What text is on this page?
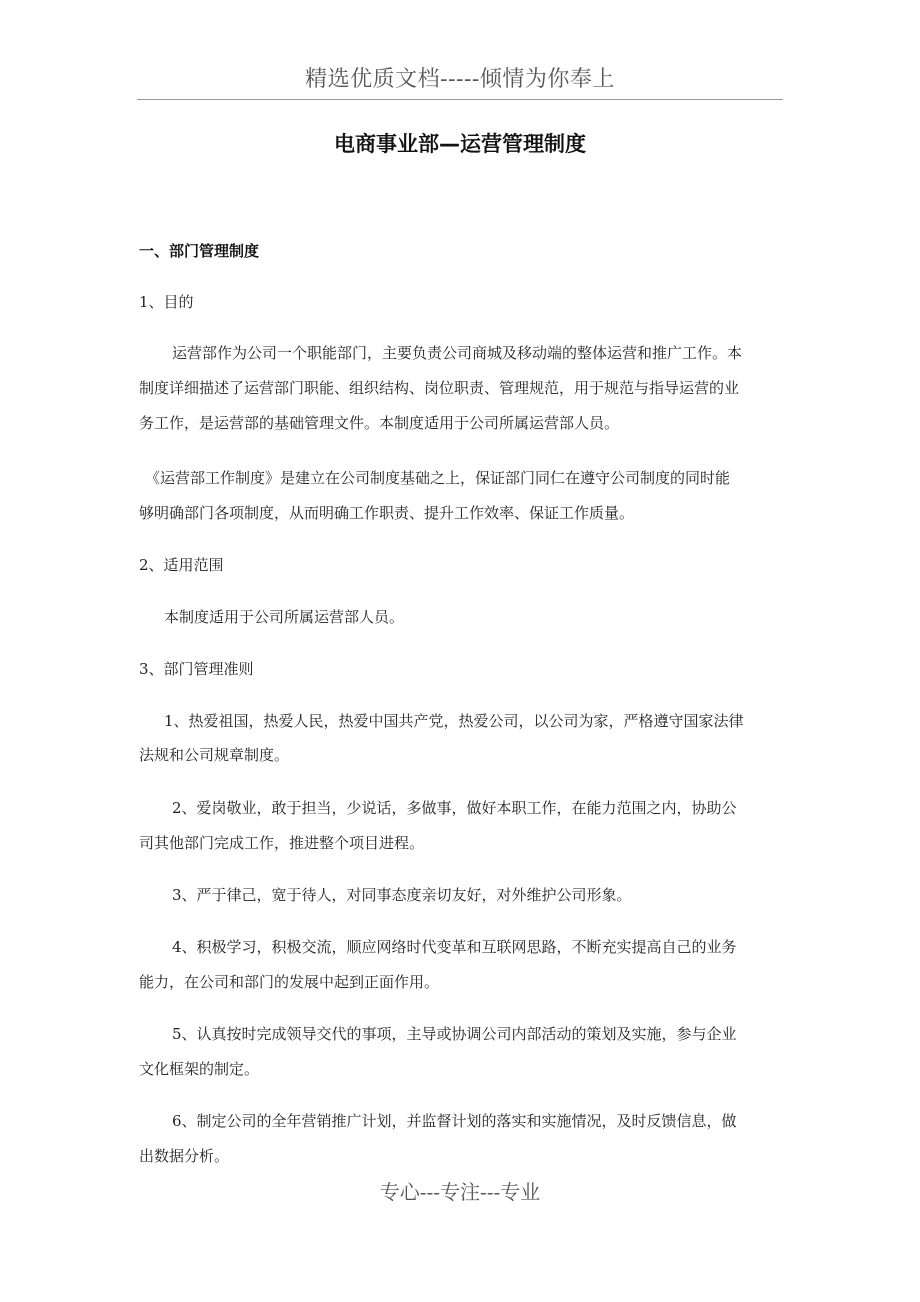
精选优质文档-----倾情为你奉上
电商事业部—运营管理制度
一、部门管理制度
1、目的
运营部作为公司一个职能部门，主要负责公司商城及移动端的整体运营和推广工作。本
制度详细描述了运营部门职能、组织结构、岗位职责、管理规范，用于规范与指导运营的业
务工作，是运营部的基础管理文件。本制度适用于公司所属运营部人员。
《运营部工作制度》是建立在公司制度基础之上，保证部门同仁在遵守公司制度的同时能
够明确部门各项制度，从而明确工作职责、提升工作效率、保证工作质量。
2、适用范围
本制度适用于公司所属运营部人员。
3、部门管理准则
1、热爱祖国，热爱人民，热爱中国共产党，热爱公司，以公司为家，严格遵守国家法律
法规和公司规章制度。
2、爱岗敬业，敢于担当，少说话，多做事，做好本职工作，在能力范围之内，协助公
司其他部门完成工作，推进整个项目进程。
3、严于律己，宽于待人，对同事态度亲切友好，对外维护公司形象。
4、积极学习，积极交流，顺应网络时代变革和互联网思路，不断充实提高自己的业务
能力，在公司和部门的发展中起到正面作用。
5、认真按时完成领导交代的事项，主导或协调公司内部活动的策划及实施，参与企业
文化框架的制定。
6、制定公司的全年营销推广计划，并监督计划的落实和实施情况，及时反馈信息，做
出数据分析。
专心---专注---专业
